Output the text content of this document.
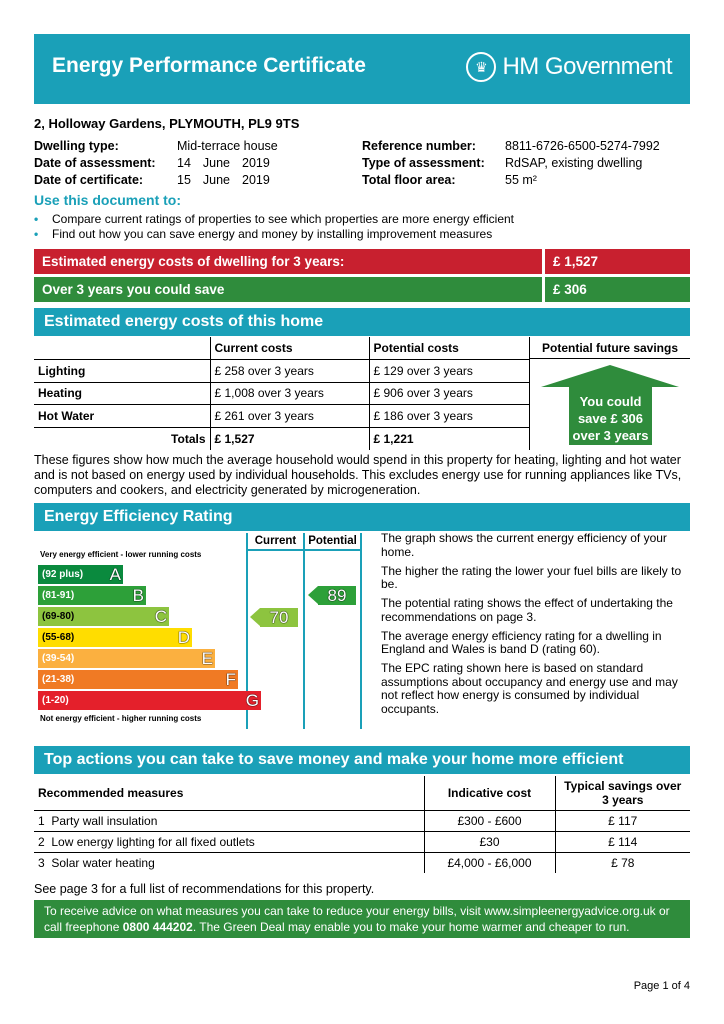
Energy Performance Certificate	♛ HM Government
2, Holloway Gardens, PLYMOUTH, PL9 9TS
Dwelling type:	Mid-terrace house
Date of assessment:	14 June 2019
Date of certificate:	15 June 2019
Reference number:	8811-6726-6500-5274-7992
Type of assessment:	RdSAP, existing dwelling
Total floor area:	55 m²
Use this document to:
•	Compare current ratings of properties to see which properties are more energy efficient
•	Find out how you can save energy and money by installing improvement measures
Estimated energy costs of dwelling for 3 years:	£ 1,527
Over 3 years you could save	£ 306
Estimated energy costs of this home
	Current costs	Potential costs
Lighting	£ 258 over 3 years	£ 129 over 3 years
Heating	£ 1,008 over 3 years	£ 906 over 3 years
Hot Water	£ 261 over 3 years	£ 186 over 3 years
Totals	£ 1,527	£ 1,221
Potential future savings
You could
save £ 306
over 3 years
These figures show how much the average household would spend in this property for heating, lighting and hot water and is not based on energy used by individual households. This excludes energy use for running appliances like TVs, computers and cookers, and electricity generated by microgeneration.
Energy Efficiency Rating
Current	Potential
Very energy efficient - lower running costs
Not energy efficient - higher running costs
(92 plus) A
(81-91)	B
(69-80)	C
(55-68)	D
(39-54)	E
(21-38)	F
(1-20)	G
70
89

The graph shows the current energy efficiency of your home.

The higher the rating the lower your fuel bills are likely to be.

The potential rating shows the effect of undertaking the recommendations on page 3.

The average energy efficiency rating for a dwelling in England and Wales is band D (rating 60).

The EPC rating shown here is based on standard assumptions about occupancy and energy use and may not reflect how energy is consumed by individual occupants.

Top actions you can take to save money and make your home more efficient
Recommended measures	Indicative cost	Typical savings over 3 years
1 Party wall insulation	£300 - £600	£ 117
2 Low energy lighting for all fixed outlets	£30	£ 114
3 Solar water heating	£4,000 - £6,000	£ 78
See page 3 for a full list of recommendations for this property.
To receive advice on what measures you can take to reduce your energy bills, visit www.simpleenergyadvice.org.uk or call freephone 0800 444202. The Green Deal may enable you to make your home warmer and cheaper to run.
Page 1 of 4
